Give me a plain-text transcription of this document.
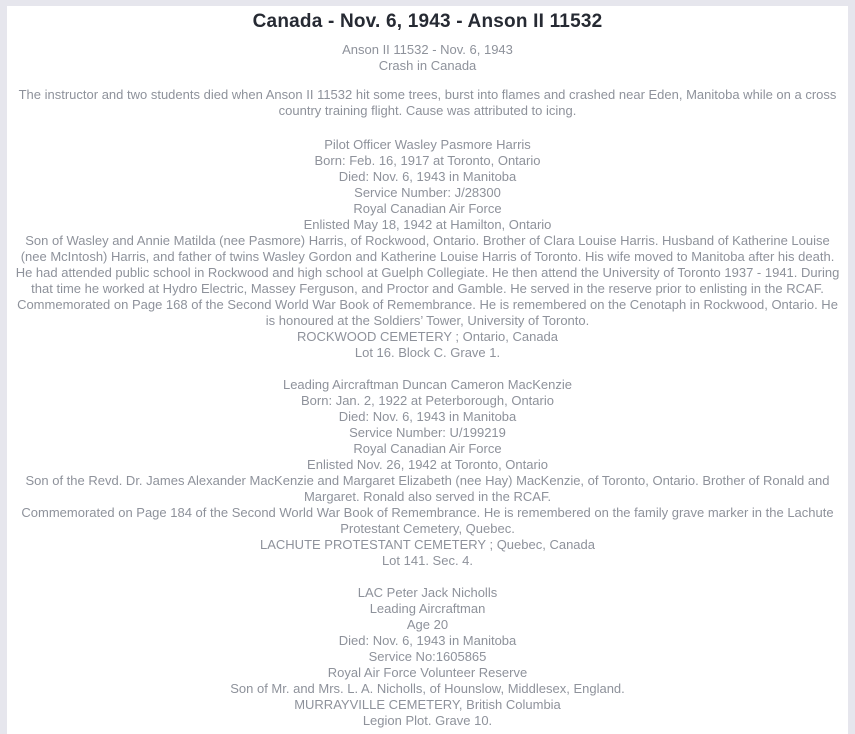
Canada - Nov. 6, 1943 - Anson II 11532
Anson II 11532 - Nov. 6, 1943
Crash in Canada
The instructor and two students died when Anson II 11532 hit some trees, burst into flames and crashed near Eden, Manitoba while on a cross country training flight. Cause was attributed to icing.
Pilot Officer Wasley Pasmore Harris
Born: Feb. 16, 1917 at Toronto, Ontario
Died: Nov. 6, 1943 in Manitoba
Service Number: J/28300
Royal Canadian Air Force
Enlisted May 18, 1942 at Hamilton, Ontario
Son of Wasley and Annie Matilda (nee Pasmore) Harris, of Rockwood, Ontario. Brother of Clara Louise Harris. Husband of Katherine Louise (nee McIntosh) Harris, and father of twins Wasley Gordon and Katherine Louise Harris of Toronto. His wife moved to Manitoba after his death.
He had attended public school in Rockwood and high school at Guelph Collegiate. He then attend the University of Toronto 1937 - 1941. During that time he worked at Hydro Electric, Massey Ferguson, and Proctor and Gamble. He served in the reserve prior to enlisting in the RCAF.
Commemorated on Page 168 of the Second World War Book of Remembrance. He is remembered on the Cenotaph in Rockwood, Ontario. He is honoured at the Soldiers’ Tower, University of Toronto.
ROCKWOOD CEMETERY ; Ontario, Canada
Lot 16. Block C. Grave 1.
Leading Aircraftman Duncan Cameron MacKenzie
Born: Jan. 2, 1922 at Peterborough, Ontario
Died: Nov. 6, 1943 in Manitoba
Service Number: U/199219
Royal Canadian Air Force
Enlisted Nov. 26, 1942 at Toronto, Ontario
Son of the Revd. Dr. James Alexander MacKenzie and Margaret Elizabeth (nee Hay) MacKenzie, of Toronto, Ontario. Brother of Ronald and Margaret. Ronald also served in the RCAF.
Commemorated on Page 184 of the Second World War Book of Remembrance. He is remembered on the family grave marker in the Lachute Protestant Cemetery, Quebec.
LACHUTE PROTESTANT CEMETERY ; Quebec, Canada
Lot 141. Sec. 4.
LAC Peter Jack Nicholls
Leading Aircraftman
Age 20
Died: Nov. 6, 1943 in Manitoba
Service No:1605865
Royal Air Force Volunteer Reserve
Son of Mr. and Mrs. L. A. Nicholls, of Hounslow, Middlesex, England.
MURRAYVILLE CEMETERY, British Columbia
Legion Plot. Grave 10.
